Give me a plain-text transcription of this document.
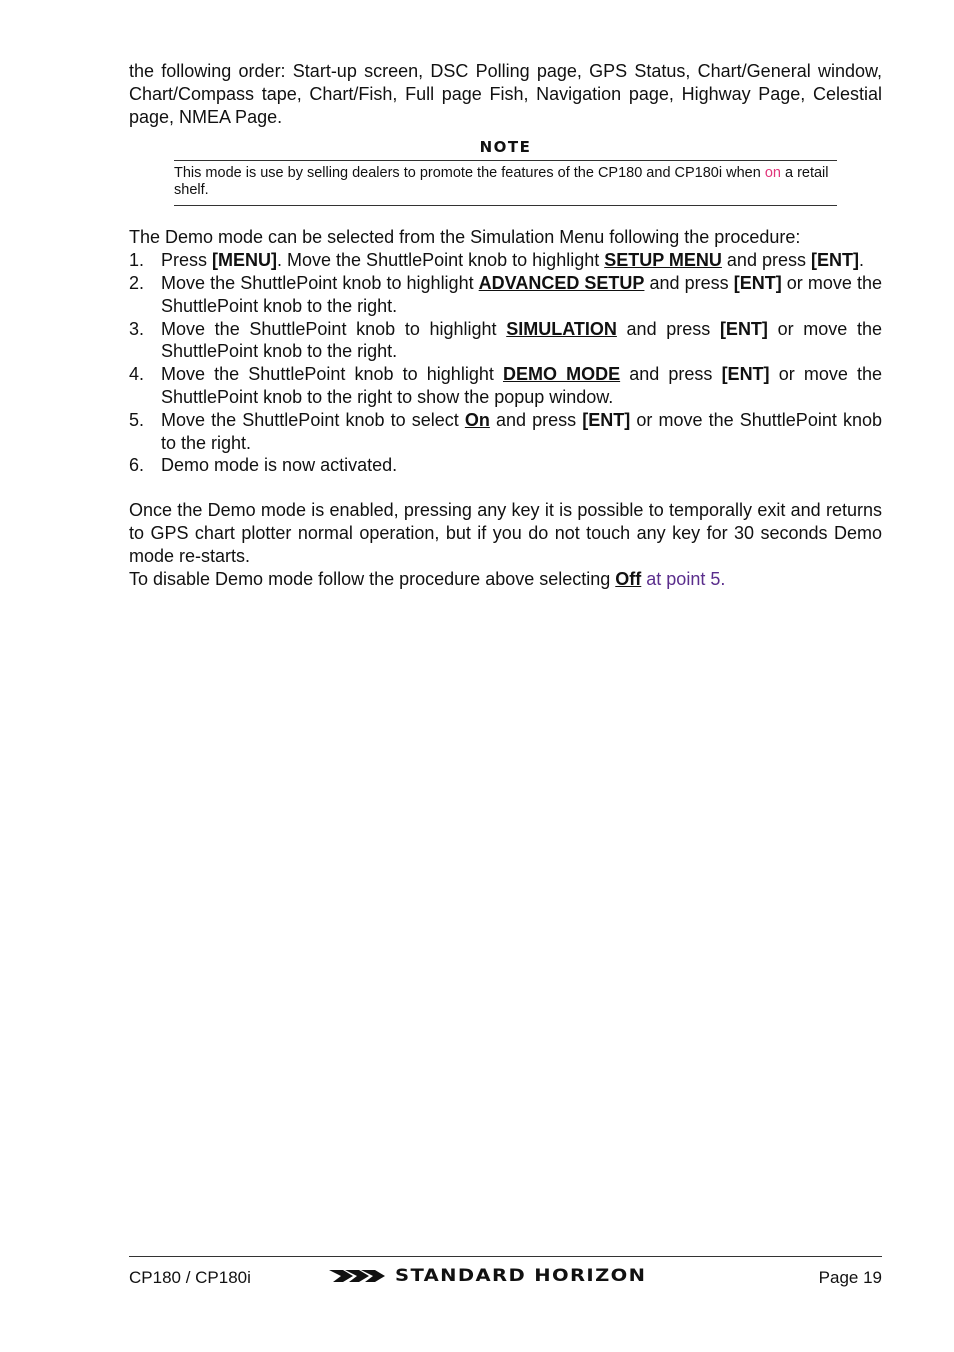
the following order: Start-up screen, DSC Polling page, GPS Status, Chart/General window, Chart/Compass tape, Chart/Fish, Full page Fish, Navigation page, Highway Page, Celestial page, NMEA Page.

NOTE
This mode is use by selling dealers to promote the features of the CP180 and CP180i when on a retail shelf.

The Demo mode can be selected from the Simulation Menu following the procedure:

1. Press [MENU]. Move the ShuttlePoint knob to highlight SETUP MENU and press [ENT].
2. Move the ShuttlePoint knob to highlight ADVANCED SETUP and press [ENT] or move the ShuttlePoint knob to the right.
3. Move the ShuttlePoint knob to highlight SIMULATION and press [ENT] or move the ShuttlePoint knob to the right.
4. Move the ShuttlePoint knob to highlight DEMO MODE and press [ENT] or move the ShuttlePoint knob to the right to show the popup window.
5. Move the ShuttlePoint knob to select On and press [ENT] or move the ShuttlePoint knob to the right.
6. Demo mode is now activated.

Once the Demo mode is enabled, pressing any key it is possible to temporally exit and returns to GPS chart plotter normal operation, but if you do not touch any key for 30 seconds Demo mode re-starts.

To disable Demo mode follow the procedure above selecting Off at point 5.

CP180 / CP180i	STANDARD HORIZON	Page 19
